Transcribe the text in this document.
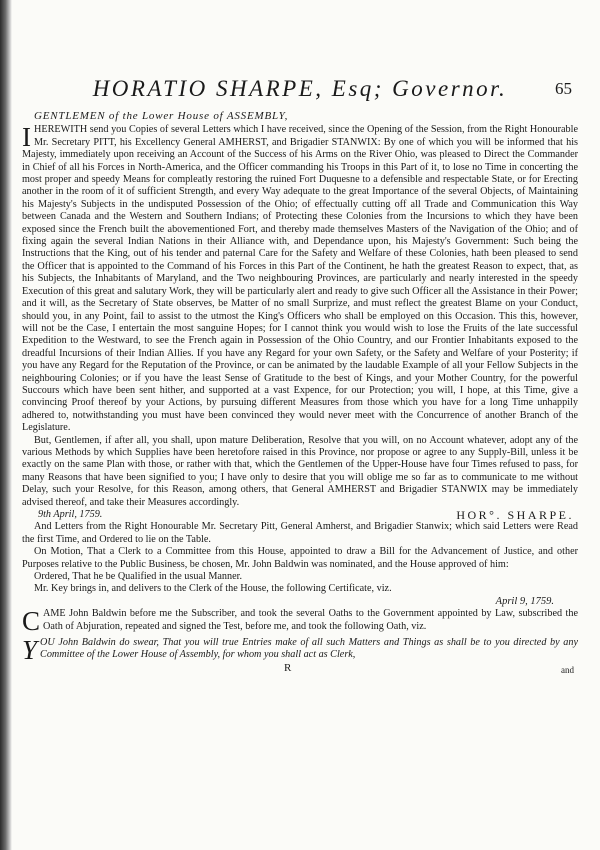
HORATIO SHARPE, Esq; Governor.	65
GENTLEMEN of the Lower House of ASSEMBLY,

IHEREWITH send you Copies of several Letters which I have received, since the Opening of the Session, from the Right Honourable Mr. Secretary PITT, his Excellency General AMHERST, and Brigadier STANWIX: By one of which you will be informed that his Majesty, immediately upon receiving an Account of the Success of his Arms on the River Ohio, was pleased to Direct the Commander in Chief of all his Forces in North-America, and the Officer commanding his Troops in this Part of it, to lose no Time in concerting the most proper and speedy Means for compleatly restoring the ruined Fort Duquesne to a defensible and respectable State, or for Erecting another in the room of it of sufficient Strength, and every Way adequate to the great Importance of the several Objects, of Maintaining his Majesty's Subjects in the undisputed Possession of the Ohio; of effectually cutting off all Trade and Communication this Way between Canada and the Western and Southern Indians; of Protecting these Colonies from the Incursions to which they have been exposed since the French built the abovementioned Fort, and thereby made themselves Masters of the Navigation of the Ohio; and of fixing again the several Indian Nations in their Alliance with, and Dependance upon, his Majesty's Government: Such being the Instructions that the King, out of his tender and paternal Care for the Safety and Welfare of these Colonies, hath been pleased to send the Officer that is appointed to the Command of his Forces in this Part of the Continent, he hath the greatest Reason to expect, that, as his Subjects, the Inhabitants of Maryland, and the Two neighbouring Provinces, are particularly and nearly interested in the speedy Execution of this great and salutary Work, they will be particularly alert and ready to give such Officer all the Assistance in their Power; and it will, as the Secretary of State observes, be Matter of no small Surprize, and must reflect the greatest Blame on your Conduct, should you, in any Point, fail to assist to the utmost the King's Officers who shall be employed on this Occasion. This this, however, will not be the Case, I entertain the most sanguine Hopes; for I cannot think you would wish to lose the Fruits of the late successful Expedition to the Westward, to see the French again in Possession of the Ohio Country, and our Frontier Inhabitants exposed to the dreadful Incursions of their Indian Allies. If you have any Regard for your own Safety, or the Safety and Welfare of your Posterity; if you have any Regard for the Reputation of the Province, or can be animated by the laudable Example of all your Fellow Subjects in the neighbouring Colonies; or if you have the least Sense of Gratitude to the best of Kings, and your Mother Country, for the powerful Succours which have been sent hither, and supported at a vast Expence, for our Protection; you will, I hope, at this Time, give a convincing Proof thereof by your Actions, by pursuing different Measures from those which you have for a long Time unhappily adhered to, notwithstanding you must have been convinced they would never meet with the Concurrence of another Branch of the Legislature.

But, Gentlemen, if after all, you shall, upon mature Deliberation, Resolve that you will, on no Account whatever, adopt any of the various Methods by which Supplies have been heretofore raised in this Province, nor propose or agree to any Supply-Bill, unless it be exactly on the same Plan with those, or rather with that, which the Gentlemen of the Upper-House have four Times refused to pass, for many Reasons that have been signified to you; I have only to desire that you will oblige me so far as to communicate to me without Delay, such your Resolve, for this Reason, among others, that General AMHERST and Brigadier STANWIX may be immediately advised thereof, and take their Measures accordingly.

9th April, 1759.	HOR°. SHARPE.

And Letters from the Right Honourable Mr. Secretary Pitt, General Amherst, and Brigadier Stanwix; which said Letters were Read the first Time, and Ordered to lie on the Table.

On Motion, That a Clerk to a Committee from this House, appointed to draw a Bill for the Advancement of Justice, and other Purposes relative to the Public Business, be chosen, Mr. John Baldwin was nominated, and the House approved of him:

Ordered, That he be Qualified in the usual Manner.

Mr. Key brings in, and delivers to the Clerk of the House, the following Certificate, viz.

April 9, 1759.

CAME John Baldwin before me the Subscriber, and took the several Oaths to the Government appointed by Law, subscribed the Oath of Abjuration, repeated and signed the Test, before me, and took the following Oath, viz.

YOU John Baldwin do swear, That you will true Entries make of all such Matters and Things as shall be to you directed by any Committee of the Lower House of Assembly, for whom you shall act as Clerk,

R	and
